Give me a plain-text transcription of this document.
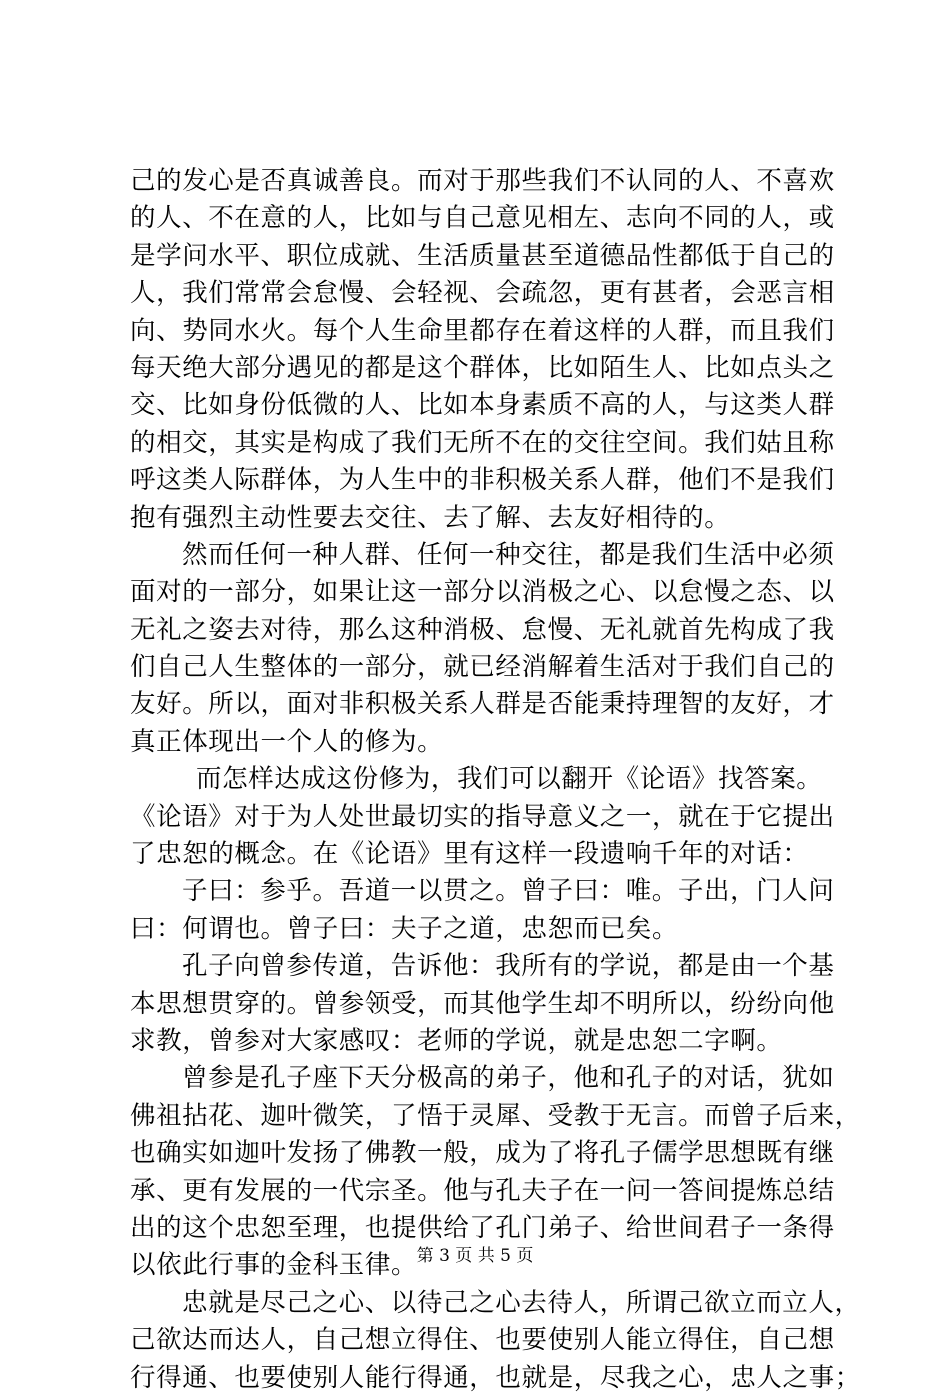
己的发心是否真诚善良。而对于那些我们不认同的人、不喜欢
的人、不在意的人，比如与自己意见相左、志向不同的人，或
是学问水平、职位成就、生活质量甚至道德品性都低于自己的
人，我们常常会怠慢、会轻视、会疏忽，更有甚者，会恶言相
向、势同水火。每个人生命里都存在着这样的人群，而且我们
每天绝大部分遇见的都是这个群体，比如陌生人、比如点头之
交、比如身份低微的人、比如本身素质不高的人，与这类人群
的相交，其实是构成了我们无所不在的交往空间。我们姑且称
呼这类人际群体，为人生中的非积极关系人群，他们不是我们
抱有强烈主动性要去交往、去了解、去友好相待的。
然而任何一种人群、任何一种交往，都是我们生活中必须
面对的一部分，如果让这一部分以消极之心、以怠慢之态、以
无礼之姿去对待，那么这种消极、怠慢、无礼就首先构成了我
们自己人生整体的一部分，就已经消解着生活对于我们自己的
友好。所以，面对非积极关系人群是否能秉持理智的友好，才
真正体现出一个人的修为。
而怎样达成这份修为，我们可以翻开《论语》找答案。
《论语》对于为人处世最切实的指导意义之一，就在于它提出
了忠恕的概念。在《论语》里有这样一段遗响千年的对话：
子曰：参乎。吾道一以贯之。曾子曰：唯。子出，门人问
曰：何谓也。曾子曰：夫子之道，忠恕而已矣。
孔子向曾参传道，告诉他：我所有的学说，都是由一个基
本思想贯穿的。曾参领受，而其他学生却不明所以，纷纷向他
求教，曾参对大家感叹：老师的学说，就是忠恕二字啊。
曾参是孔子座下天分极高的弟子，他和孔子的对话，犹如
佛祖拈花、迦叶微笑，了悟于灵犀、受教于无言。而曾子后来，
也确实如迦叶发扬了佛教一般，成为了将孔子儒学思想既有继
承、更有发展的一代宗圣。他与孔夫子在一问一答间提炼总结
出的这个忠恕至理，也提供给了孔门弟子、给世间君子一条得
以依此行事的金科玉律。
忠就是尽己之心、以待己之心去待人，所谓己欲立而立人，
己欲达而达人，自己想立得住、也要使别人能立得住，自己想
行得通、也要使别人能行得通，也就是，尽我之心，忠人之事；
第 3 页 共 5 页
